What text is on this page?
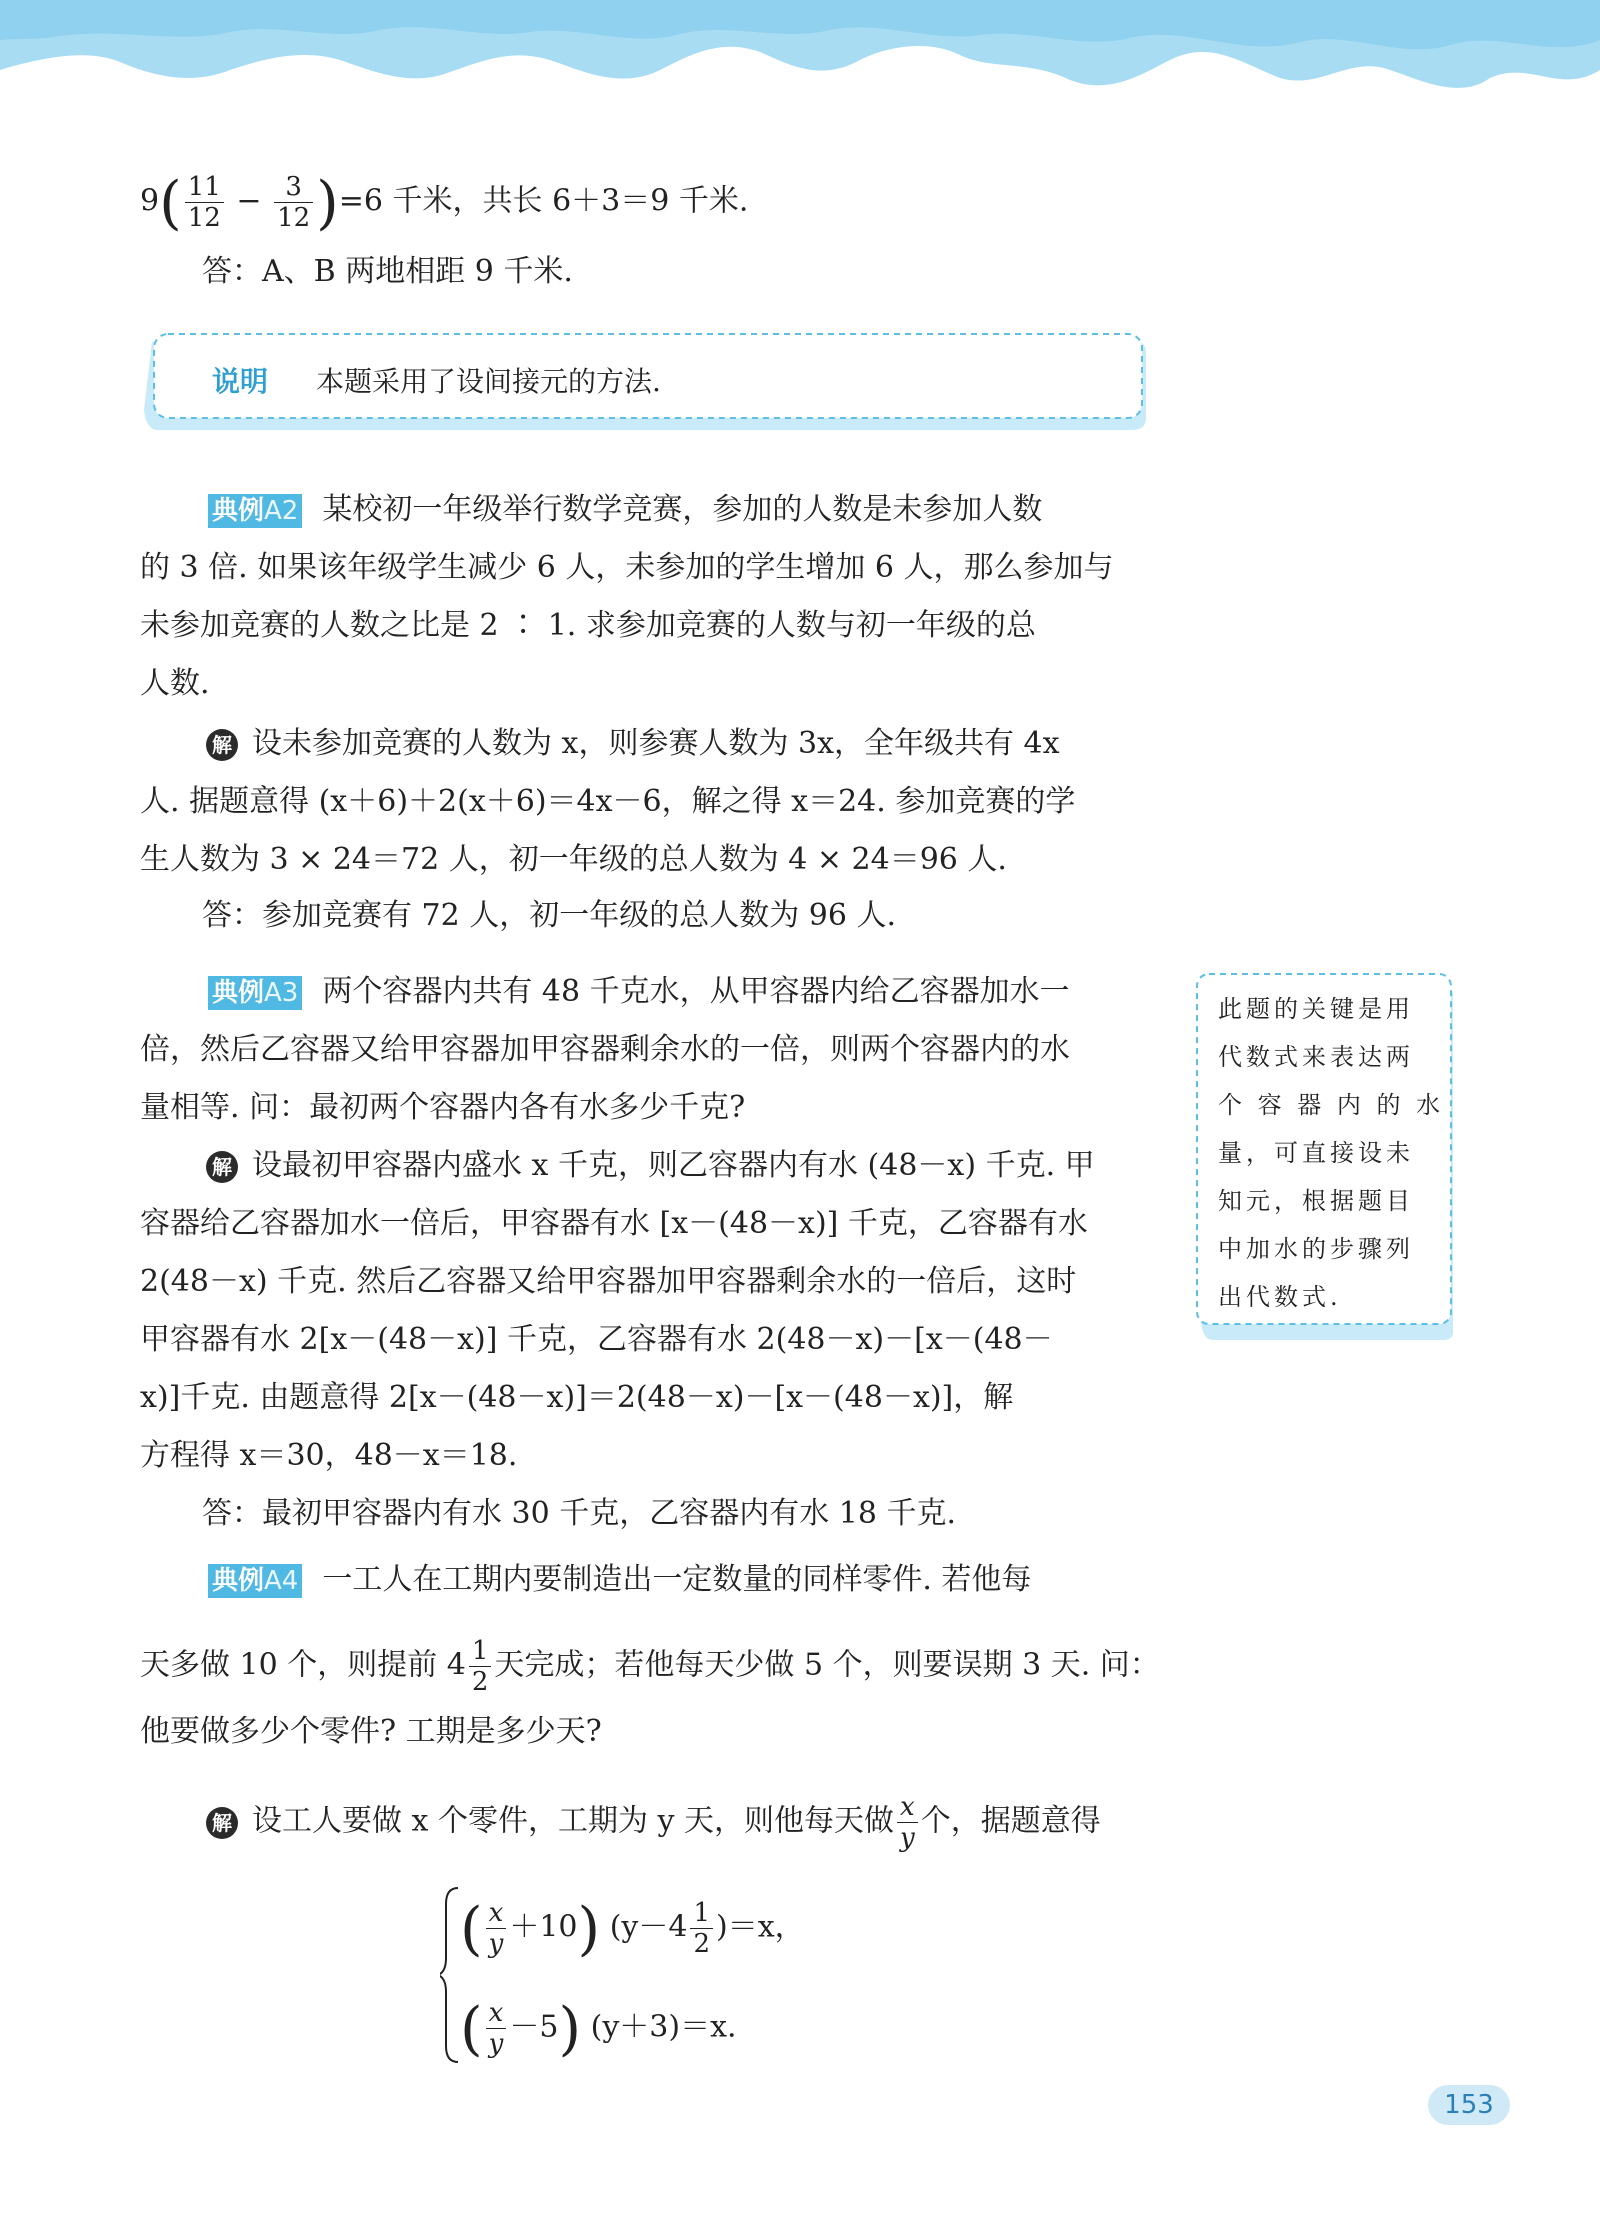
$9( \frac{11}{12} - \frac{3}{12} )=6$ 千米，共长 6＋3＝9 千米.
答：A、B 两地相距 9 千米.
说明 本题采用了设间接元的方法.
典例A2 某校初一年级举行数学竞赛，参加的人数是未参加人数
的 3 倍. 如果该年级学生减少 6 人，未参加的学生增加 6 人，那么参加与
未参加竞赛的人数之比是 2 ∶ 1. 求参加竞赛的人数与初一年级的总
人数.
解 设未参加竞赛的人数为 x，则参赛人数为 3x，全年级共有 4x
人. 据题意得 (x＋6)＋2(x＋6)＝4x－6，解之得 x＝24. 参加竞赛的学
生人数为 3 × 24＝72 人，初一年级的总人数为 4 × 24＝96 人.
答：参加竞赛有 72 人，初一年级的总人数为 96 人.
典例A3 两个容器内共有 48 千克水，从甲容器内给乙容器加水一
倍，然后乙容器又给甲容器加甲容器剩余水的一倍，则两个容器内的水
量相等. 问：最初两个容器内各有水多少千克?
解 设最初甲容器内盛水 x 千克，则乙容器内有水 (48－x) 千克. 甲
容器给乙容器加水一倍后，甲容器有水 [x－(48－x)] 千克，乙容器有水
2(48－x) 千克. 然后乙容器又给甲容器加甲容器剩余水的一倍后，这时
甲容器有水 2[x－(48－x)] 千克，乙容器有水 2(48－x)－[x－(48－
x)]千克. 由题意得 2[x－(48－x)]＝2(48－x)－[x－(48－x)]，解
方程得 x＝30，48－x＝18.
答：最初甲容器内有水 30 千克，乙容器内有水 18 千克.
此题的关键是用
代数式来表达两
个 容 器 内 的 水
量，可直接设未
知元，根据题目
中加水的步骤列
出代数式.
典例A4 一工人在工期内要制造出一定数量的同样零件. 若他每
天多做 10 个，则提前 $4 \frac{1}{2}$ 天完成；若他每天少做 5 个，则要误期 3 天. 问：
他要做多少个零件? 工期是多少天?
解 设工人要做 x 个零件，工期为 y 天，则他每天做 $\frac{x}{y}$ 个，据题意得
( $\frac{x}{y} +10$) $(y-4 \frac{1}{2} )=x$，
( $\frac{x}{y} -5$) (y＋3)＝x.
153
